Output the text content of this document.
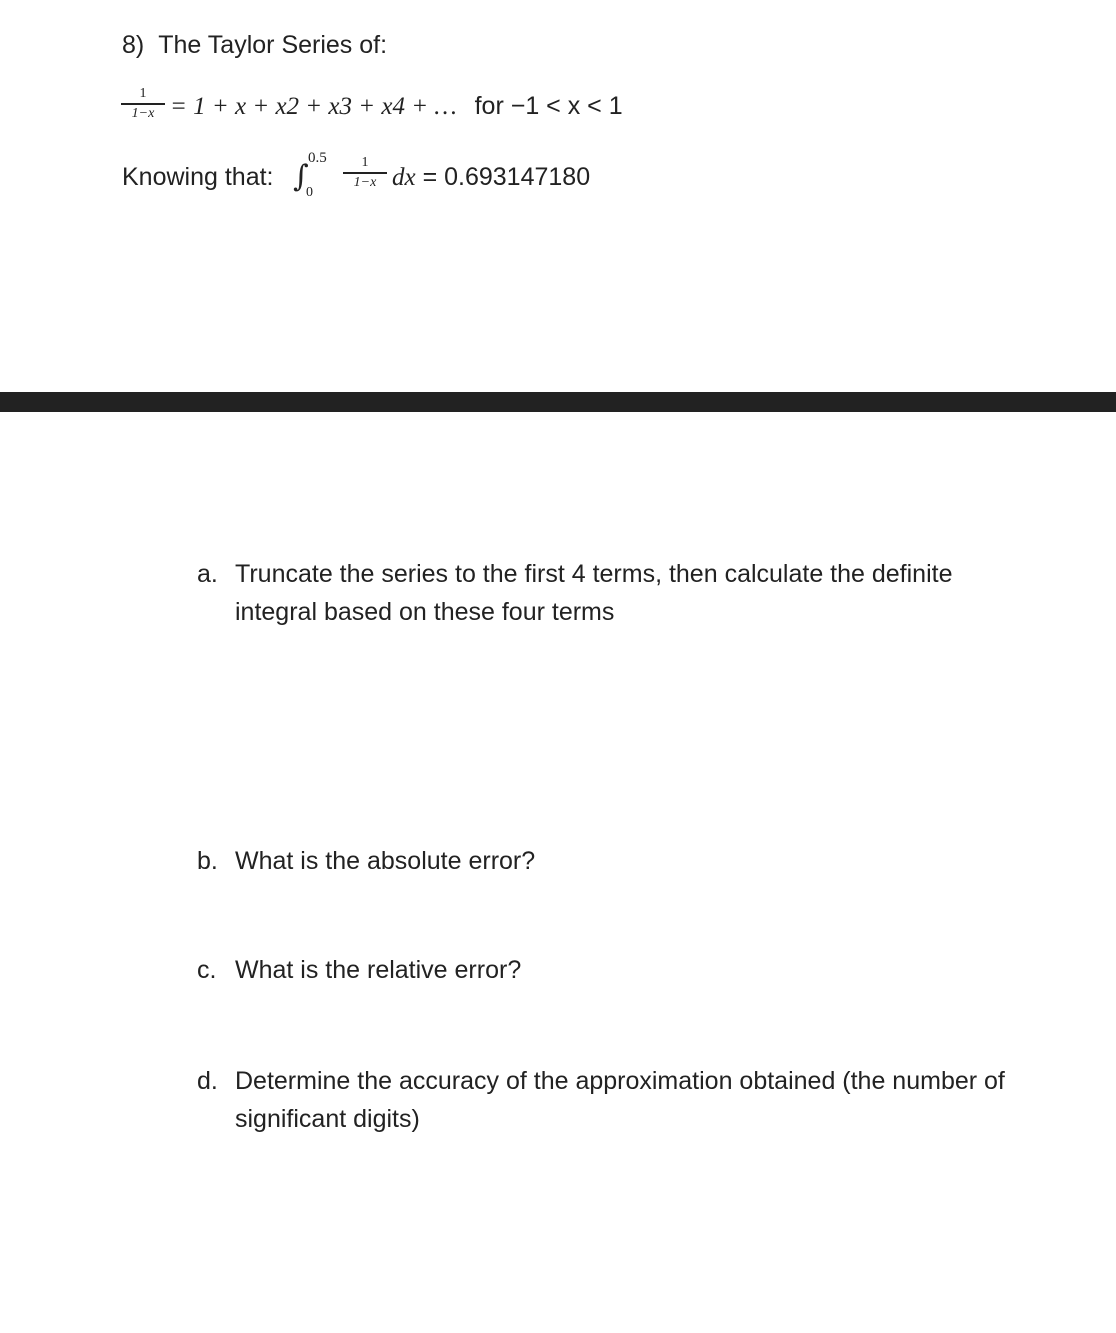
8) The Taylor Series of:
1
1−x = 1 + x + x2 + x3 + x4 + … for −1 < x < 1
Knowing that: ∫
0.5
0
1
1−x dx = 0.693147180
a. Truncate the series to the first 4 terms, then calculate the definite integral based on these four terms
b. What is the absolute error?
c. What is the relative error?
d. Determine the accuracy of the approximation obtained (the number of significant digits)
